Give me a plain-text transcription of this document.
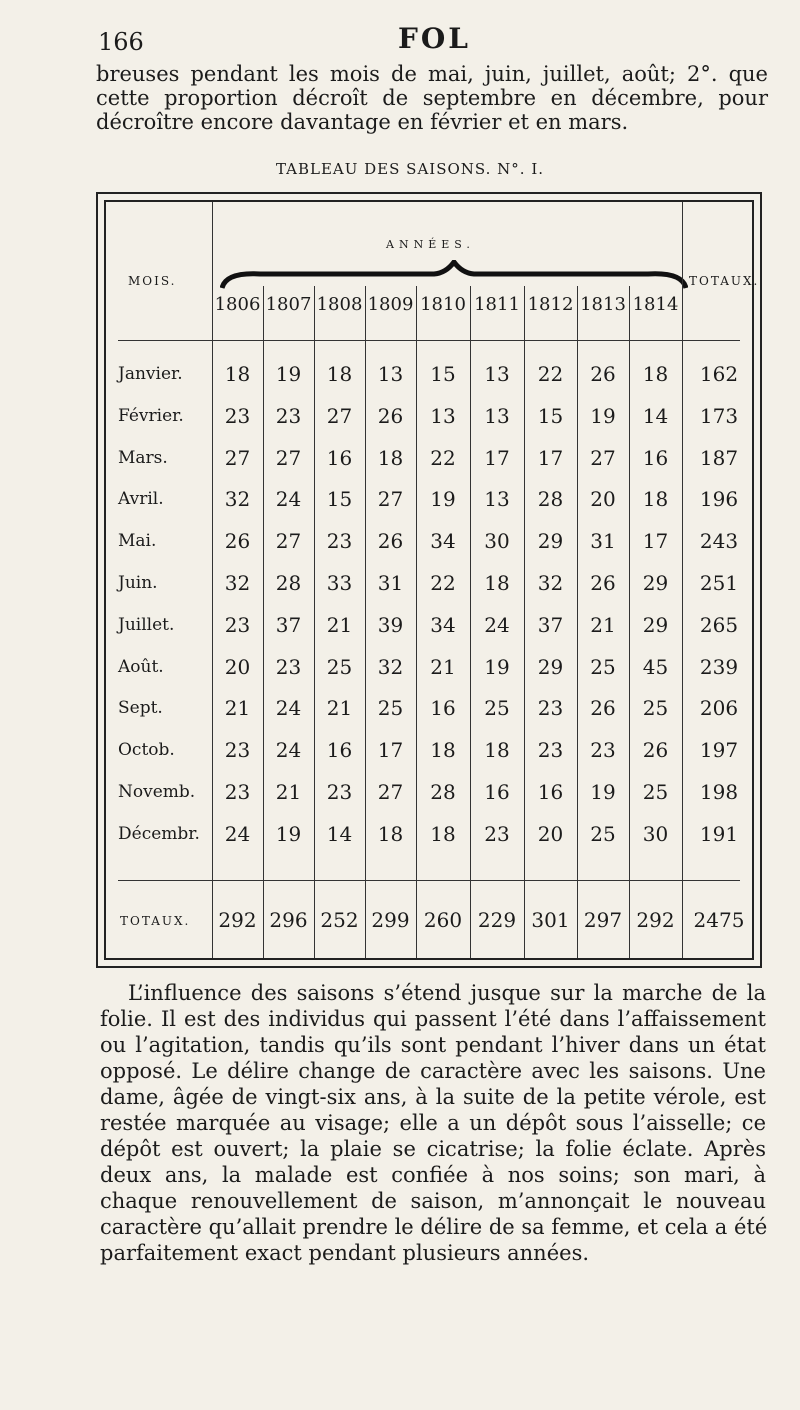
166	FOL
breuses pendant les mois de mai, juin, juillet, août; 2°. que
cette proportion décroît de septembre en décembre, pour
décroître encore davantage en février et en mars.
TABLEAU DES SAISONS. N°. I.
ANNÉES.
MOIS.	TOTAUX.
1806 1807 1808 1809 1810 1811 1812 1813 1814
Janvier.	18	19	18	13	15	13	22	26	18	162
Février.	23	23	27	26	13	13	15	19	14	173
Mars.	27	27	16	18	22	17	17	27	16	187
Avril.	32	24	15	27	19	13	28	20	18	196
Mai.	26	27	23	26	34	30	29	31	17	243
Juin.	32	28	33	31	22	18	32	26	29	251
Juillet.	23	37	21	39	34	24	37	21	29	265
Août.	20	23	25	32	21	19	29	25	45	239
Sept.	21	24	21	25	16	25	23	26	25	206
Octob.	23	24	16	17	18	18	23	23	26	197
Novemb.	23	21	23	27	28	16	16	19	25	198
Décembr.	24	19	14	18	18	23	20	25	30	191
TOTAUX.	292 296 252 299 260 229 301 297 292 2475
L’influence des saisons s’étend jusque sur la marche de la
folie. Il est des individus qui passent l’été dans l’affaissement
ou l’agitation, tandis qu’ils sont pendant l’hiver dans un état
opposé. Le délire change de caractère avec les saisons. Une
dame, âgée de vingt-six ans, à la suite de la petite vérole, est
restée marquée au visage; elle a un dépôt sous l’aisselle; ce
dépôt est ouvert; la plaie se cicatrise; la folie éclate. Après
deux ans, la malade est confiée à nos soins; son mari, à
chaque renouvellement de saison, m’annonçait le nouveau
caractère qu’allait prendre le délire de sa femme, et cela a été
parfaitement exact pendant plusieurs années.
